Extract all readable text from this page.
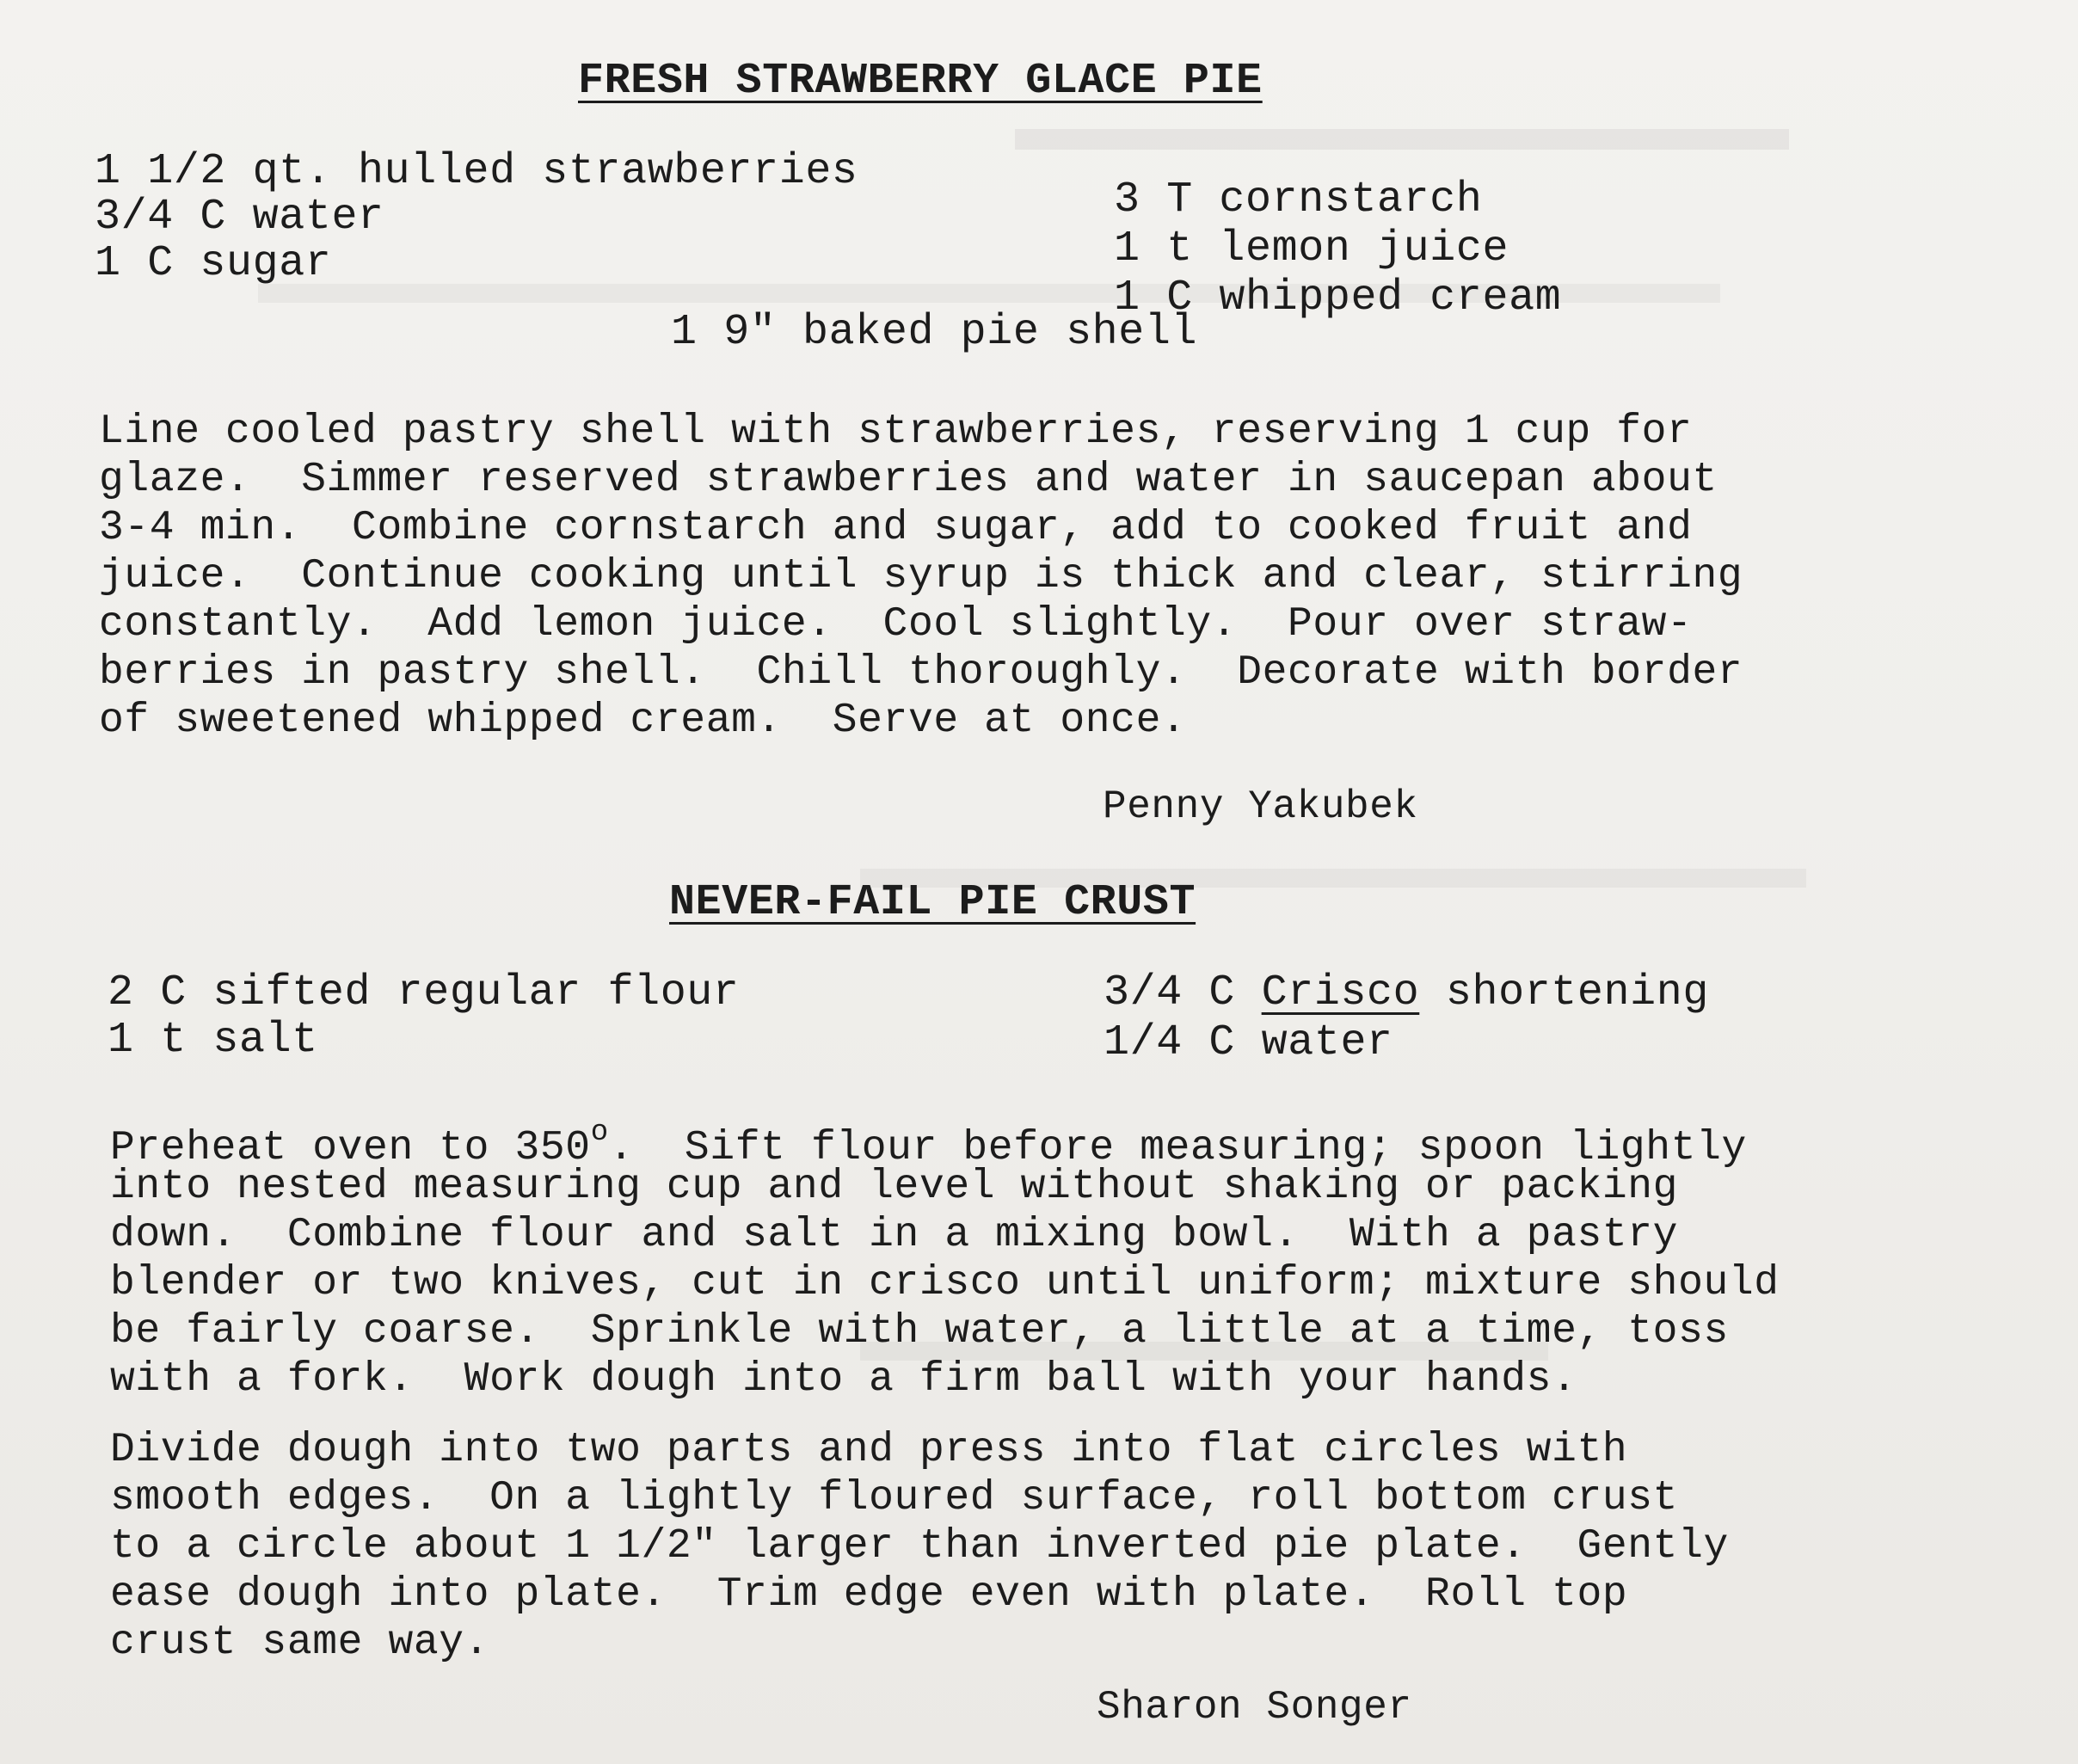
FRESH STRAWBERRY GLACE PIE
1 1/2 qt. hulled strawberries
3/4 C water
1 C sugar
3 T cornstarch
1 t lemon juice
1 C whipped cream
1 9" baked pie shell
Line cooled pastry shell with strawberries, reserving 1 cup for
glaze.  Simmer reserved strawberries and water in saucepan about
3-4 min.  Combine cornstarch and sugar, add to cooked fruit and
juice.  Continue cooking until syrup is thick and clear, stirring
constantly.  Add lemon juice.  Cool slightly.  Pour over straw-
berries in pastry shell.  Chill thoroughly.  Decorate with border
of sweetened whipped cream.  Serve at once.
Penny Yakubek
NEVER-FAIL PIE CRUST
2 C sifted regular flour
1 t salt
3/4 C Crisco shortening
1/4 C water
Preheat oven to 350$^o$.  Sift flour before measuring; spoon lightly
into nested measuring cup and level without shaking or packing
down.  Combine flour and salt in a mixing bowl.  With a pastry
blender or two knives, cut in crisco until uniform; mixture should
be fairly coarse.  Sprinkle with water, a little at a time, toss
with a fork.  Work dough into a firm ball with your hands.
Divide dough into two parts and press into flat circles with
smooth edges.  On a lightly floured surface, roll bottom crust
to a circle about 1 1/2" larger than inverted pie plate.  Gently
ease dough into plate.  Trim edge even with plate.  Roll top
crust same way.
Sharon Songer
